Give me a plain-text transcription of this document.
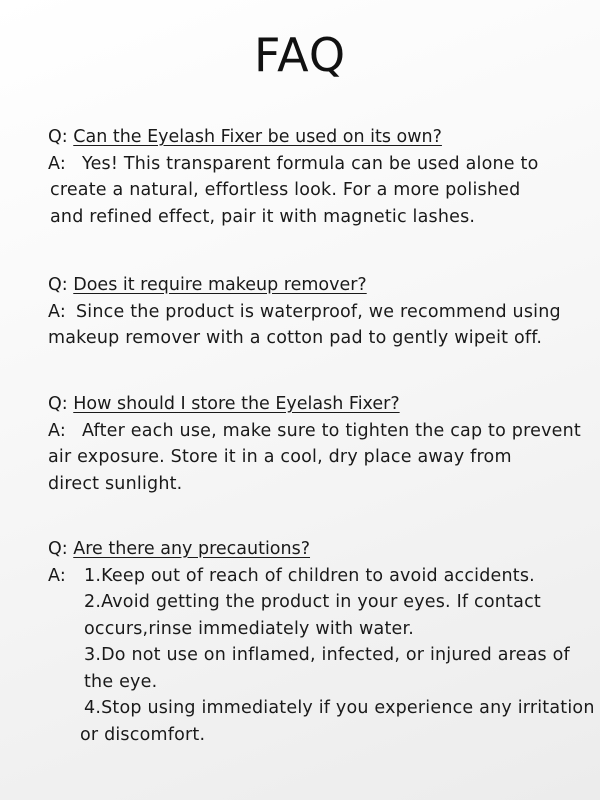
FAQ
Q: Can the Eyelash Fixer be used on its own?
A: Yes! This transparent formula can be used alone to
create a natural, effortless look. For a more polished
and refined effect, pair it with magnetic lashes.
Q: Does it require makeup remover?
A: Since the product is waterproof, we recommend using
makeup remover with a cotton pad to gently wipeit off.
Q: How should I store the Eyelash Fixer?
A: After each use, make sure to tighten the cap to prevent
air exposure. Store it in a cool, dry place away from
direct sunlight.
Q: Are there any precautions?
A: 1.Keep out of reach of children to avoid accidents.
2.Avoid getting the product in your eyes. If contact
occurs,rinse immediately with water.
3.Do not use on inflamed, infected, or injured areas of
the eye.
4.Stop using immediately if you experience any irritation
or discomfort.
